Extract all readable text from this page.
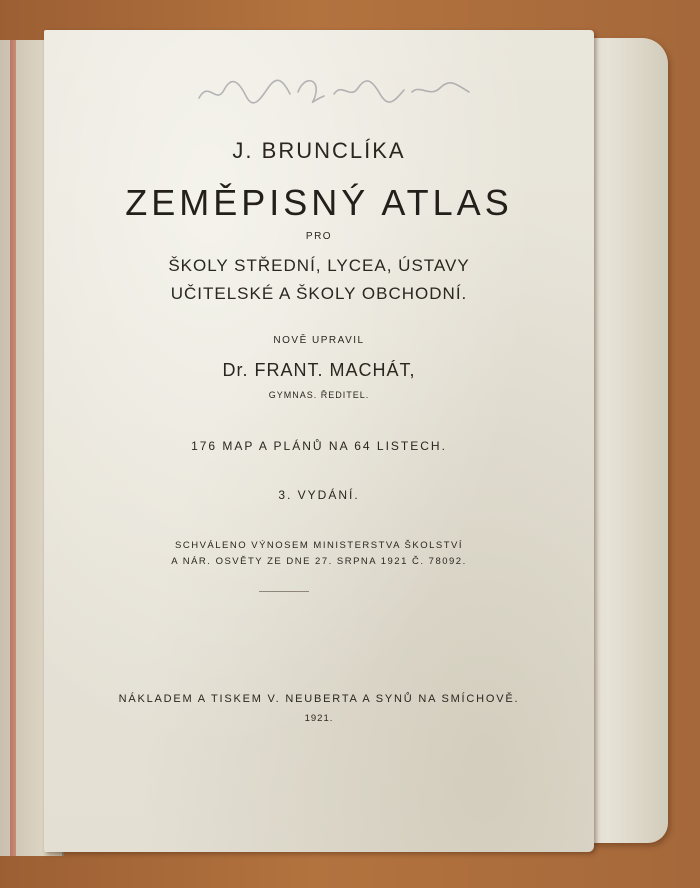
J. BRUNCLÍKA
ZEMĚPISNÝ ATLAS
PRO
ŠKOLY STŘEDNÍ, LYCEA, ÚSTAVY
UČITELSKÉ A ŠKOLY OBCHODNÍ.
NOVĚ UPRAVIL
Dr. FRANT. MACHÁT,
GYMNAS. ŘEDITEL.
176 MAP A PLÁNŮ NA 64 LISTECH.
3. VYDÁNÍ.
SCHVÁLENO VÝNOSEM MINISTERSTVA ŠKOLSTVÍ
A NÁR. OSVĚTY ZE DNE 27. SRPNA 1921 Č. 78092.
NÁKLADEM A TISKEM V. NEUBERTA A SYNŮ NA SMÍCHOVĚ.
1921.
